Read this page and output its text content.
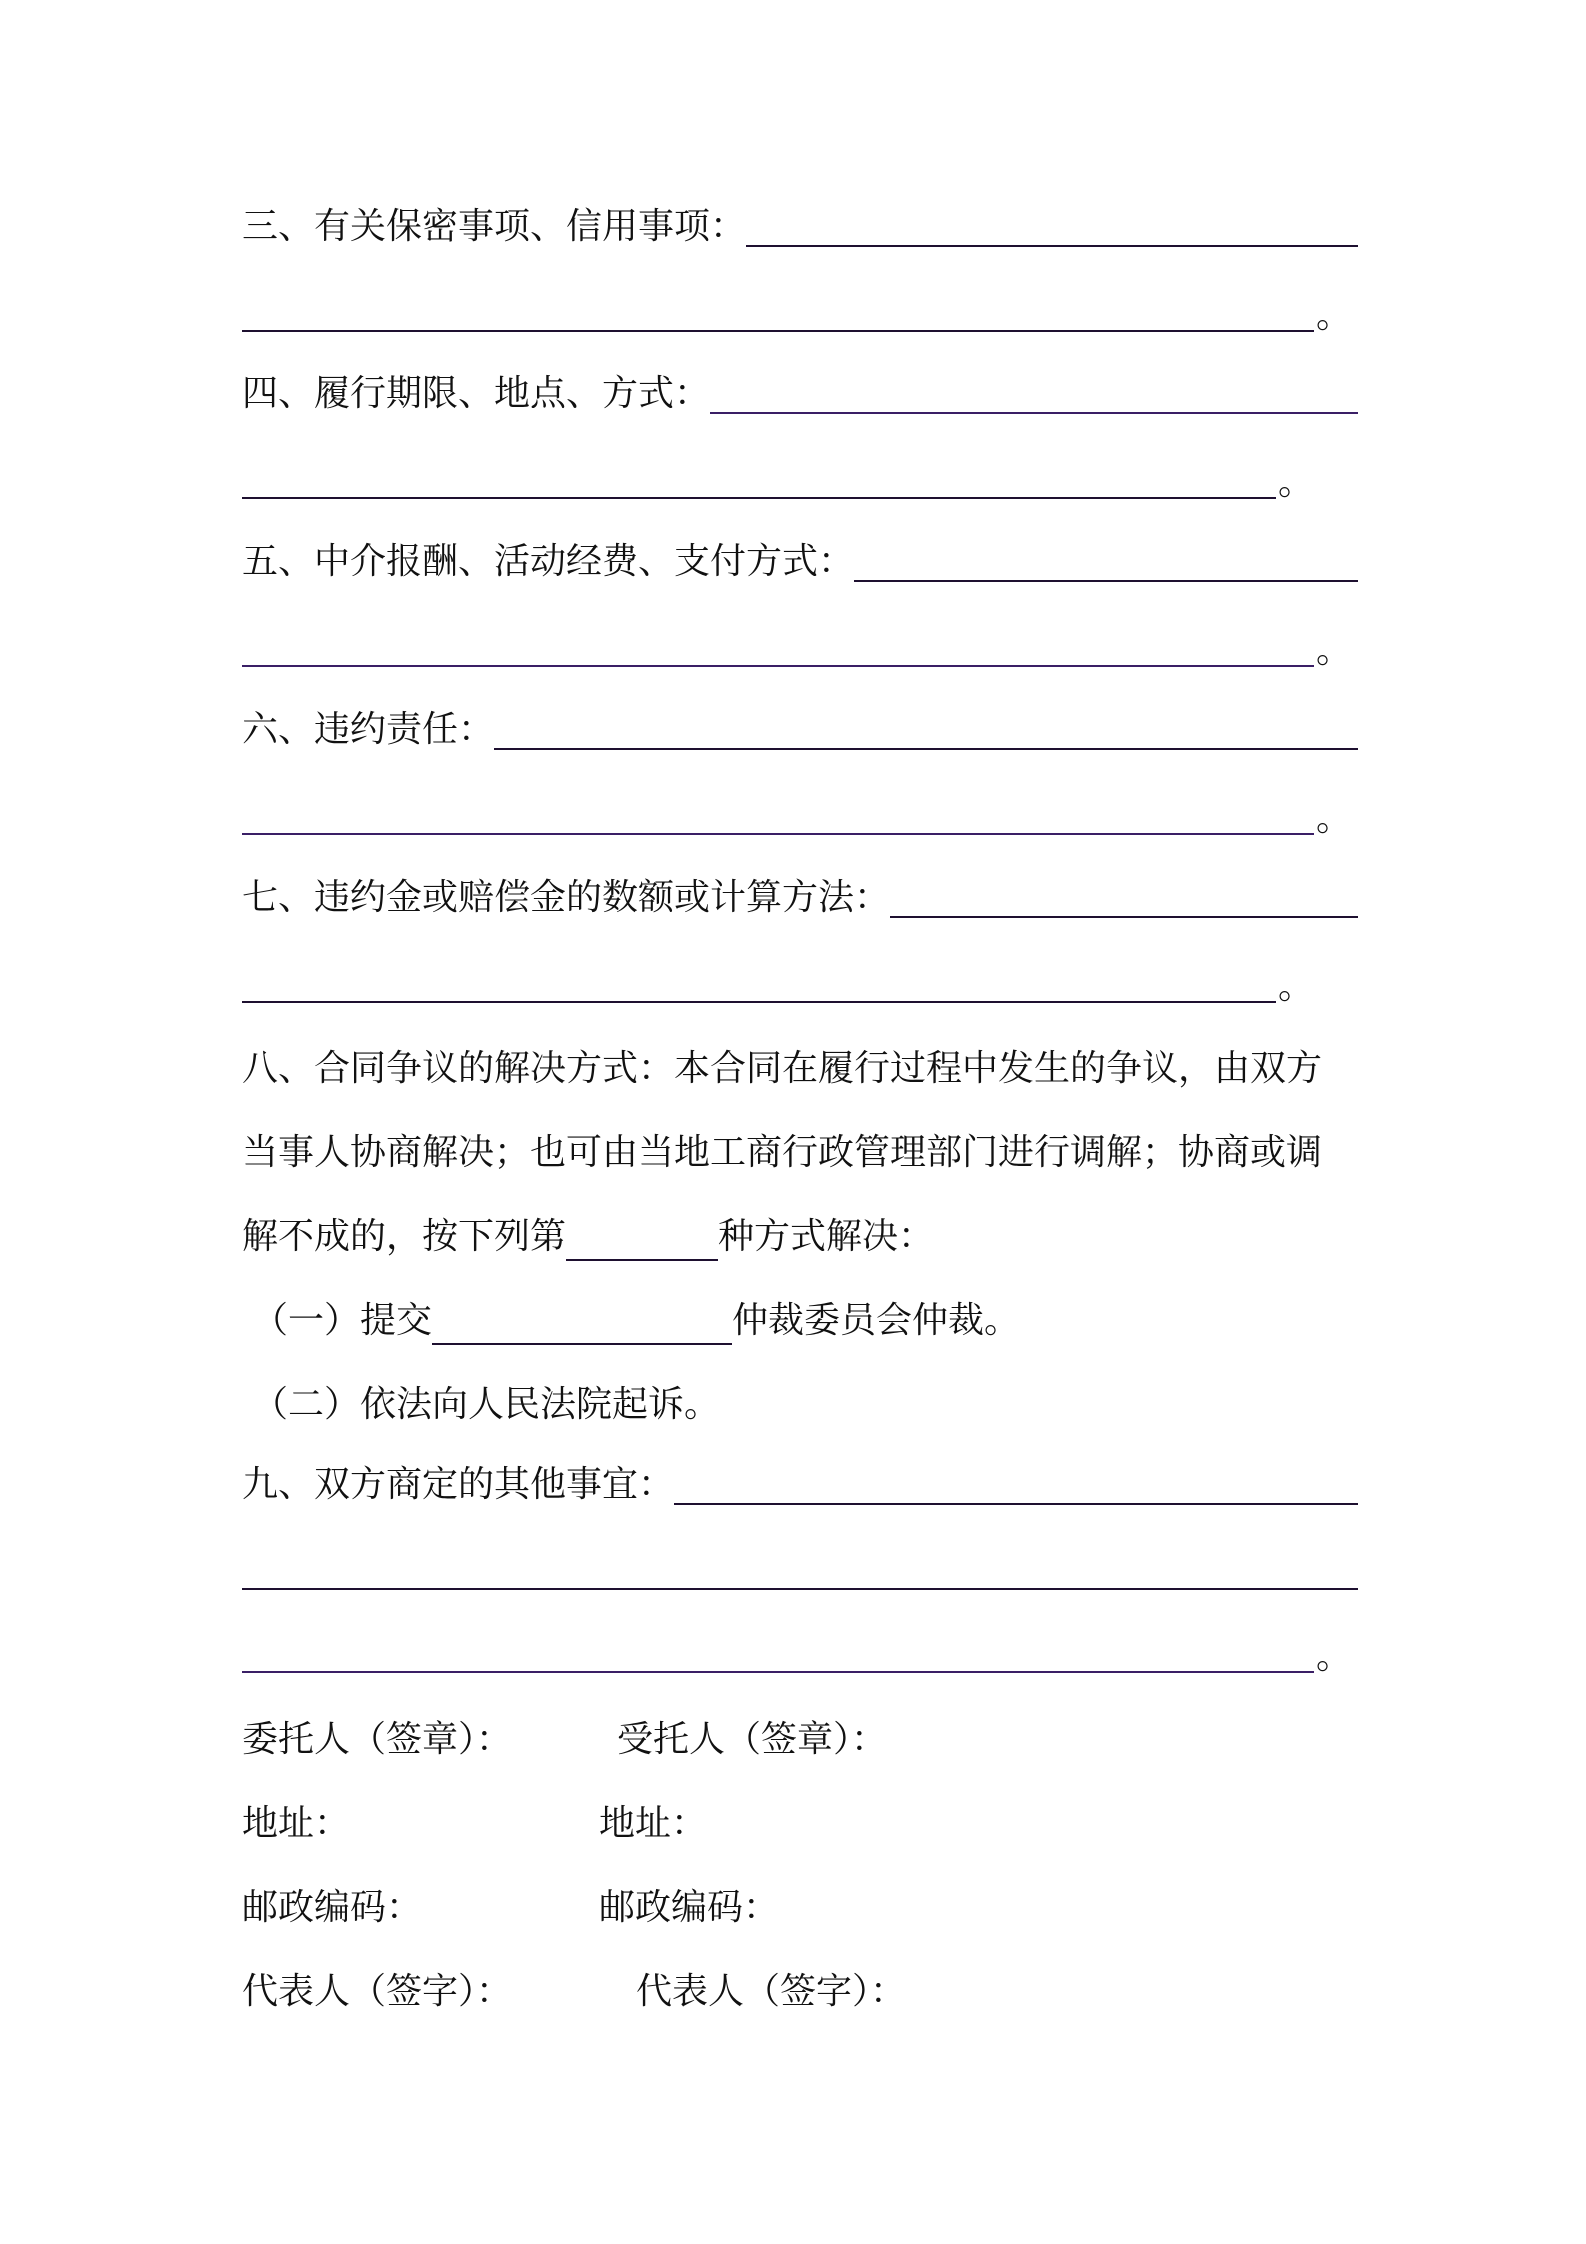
三、有关保密事项、信用事项：
。
四、履行期限、地点、方式：
。
五、中介报酬、活动经费、支付方式：
。
六、违约责任：
。
七、违约金或赔偿金的数额或计算方法：
。
八、合同争议的解决方式：本合同在履行过程中发生的争议，由双方
当事人协商解决；也可由当地工商行政管理部门进行调解；协商或调
解不成的，按下列第	种方式解决：
（一）提交	仲裁委员会仲裁。
（二）依法向人民法院起诉。
九、双方商定的其他事宜：
。
委托人（签章）：	受托人（签章）：
地址：	地址：
邮政编码：	邮政编码：
代表人（签字）：	代表人（签字）：
